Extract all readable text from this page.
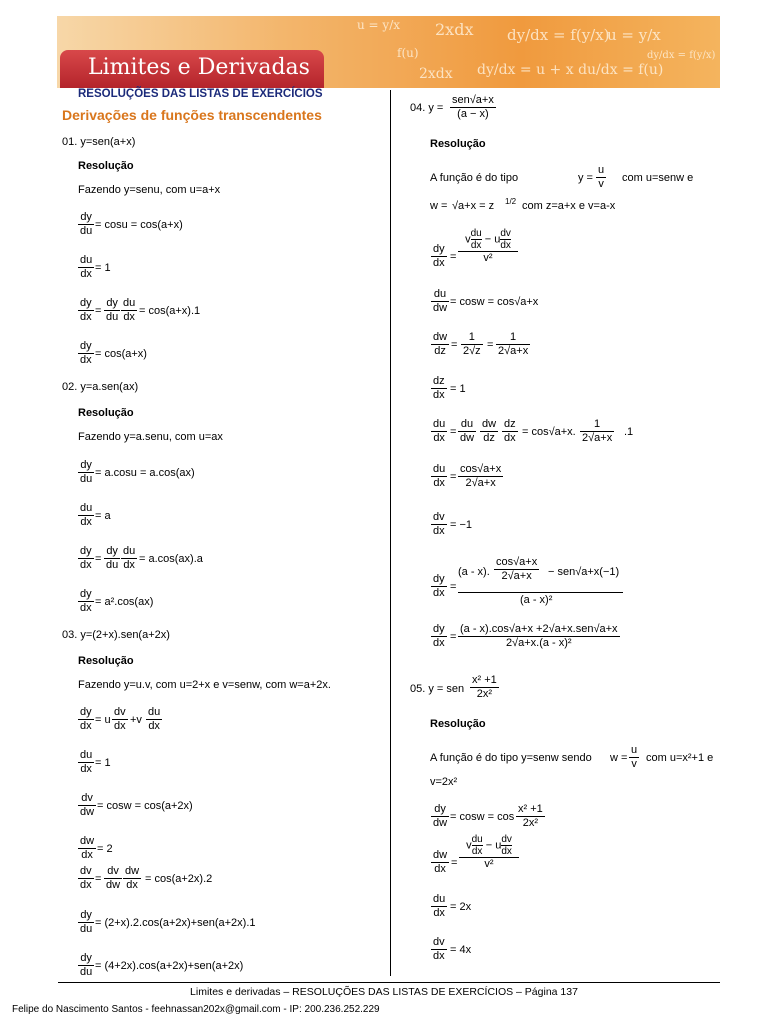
u = y/x 2xdx dy/dx = f(y/x)
u = y/x
f(u)
2xdx dy/dx = u + x du/dx = f(u)
dy/dx = f(y/x)
Limites e Derivadas
RESOLUÇÕES DAS LISTAS DE EXERCÍCIOS
Derivações de funções transcendentes
01. y=sen(a+x)
Resolução
Fazendo y=senu, com u=a+x
dy
du = cosu = cos(a+x)
du
dx = 1
dy
dx =
dy
du
du
dx = cos(a+x).1
dy
dx = cos(a+x)
02. y=a.sen(ax)
Resolução
Fazendo y=a.senu, com u=ax
dy
du = a.cosu = a.cos(ax)
du
dx = a
dy
dx =
dy
du
du
dx = a.cos(ax).a
dy
dx = a².cos(ax)
03. y=(2+x).sen(a+2x)
Resolução
Fazendo y=u.v, com u=2+x e v=senw, com w=a+2x.
dy
dx = u
dv
dx +v
du
dx
du
dx = 1
dv
dw = cosw = cos(a+2x)
dw
dx = 2
dv
dx =
dv
dw
dw
dx = cos(a+2x).2
dy
du = (2+x).2.cos(a+2x)+sen(a+2x).1
dy
du = (4+2x).cos(a+2x)+sen(a+2x)
04. y =
sen√a+x
(a − x)
Resolução
A função é do tipo	y =
u
v com u=senw e
w = √a+x = z 1/2 com z=a+x e v=a-x
dy
dx =
v $\frac{du}{dx} - u \frac{dv}{dx}$
v²
du
dw = cosw = cos√a+x
dw
dz =
1
2√z =
1
2√a+x
dz
dx = 1
du
dx =
du
dw
dw
dz
dz
dx = cos√a+x.
1
2√a+x .1
du
dx =
cos√a+x
2√a+x
dv
dx = −1
dy
dx =
(a - x).
cos√a+x
2√a+x	− sen√a+x(−1)
(a - x)²
dy
dx =
(a - x).cos√a+x +2√a+x.sen√a+x
2√a+x.(a - x)²
05. y = sen
x² +1
2x²
Resolução
A função é do tipo y=senw sendo w =
u
v com u=x²+1 e
v=2x²
dy
dw = cosw = cos
x² +1
2x²
dw
dx =
v $\frac{du}{dx} - u \frac{dv}{dx}$
v²
du
dx = 2x
dv
dx = 4x
Limites e derivadas – RESOLUÇÕES DAS LISTAS DE EXERCÍCIOS – Página 137
Felipe do Nascimento Santos - feehnassan202x@gmail.com - IP: 200.236.252.229
